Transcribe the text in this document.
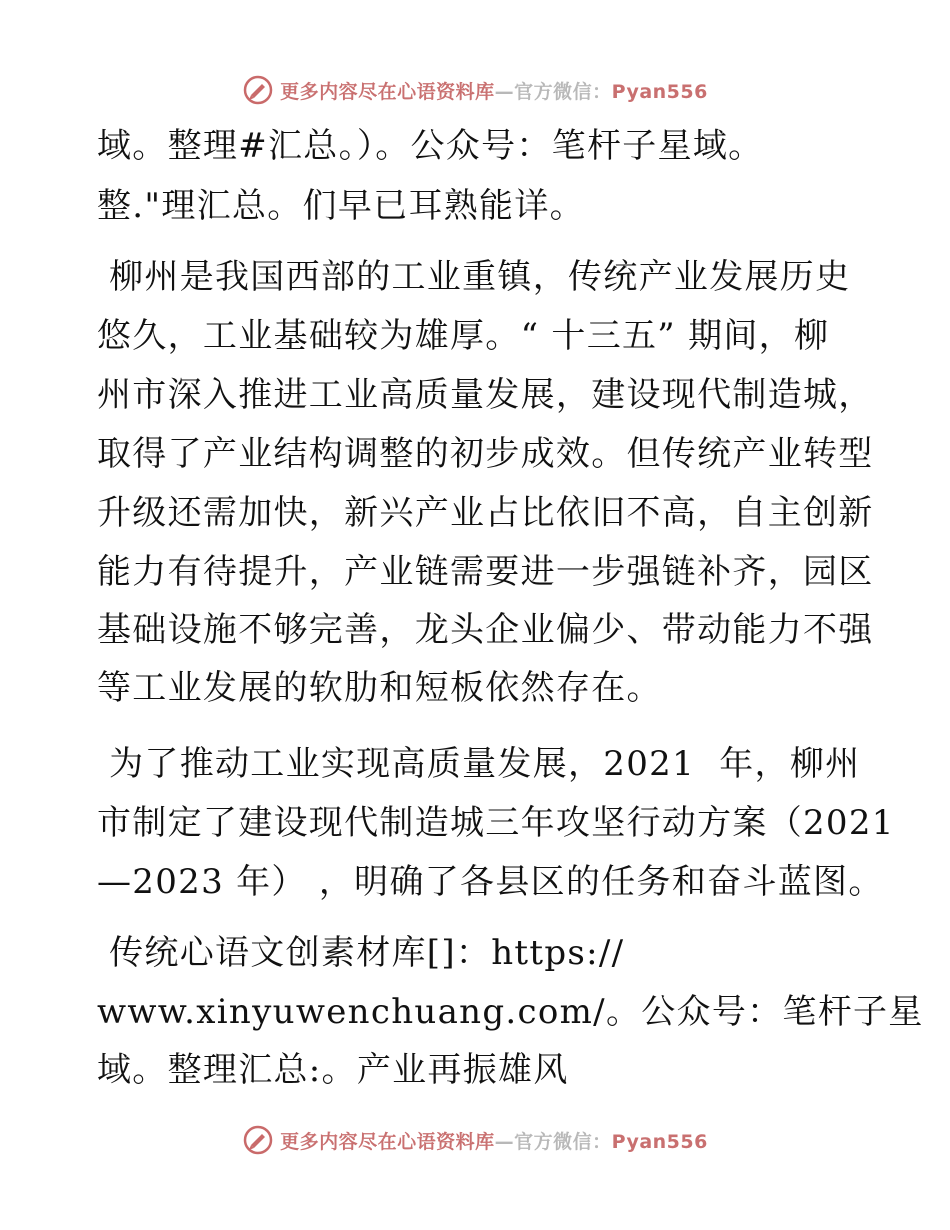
更多内容尽在心语资料库—官方微信：Pyan556
域。整理#汇总。）。公众号：笔杆子星域。
整."理汇总。们早已耳熟能详。
柳州是我国西部的工业重镇，传统产业发展历史
悠久，工业基础较为雄厚。“ 十三五” 期间，柳
州市深入推进工业高质量发展，建设现代制造城，
取得了产业结构调整的初步成效。但传统产业转型
升级还需加快，新兴产业占比依旧不高，自主创新
能力有待提升，产业链需要进一步强链补齐，园区
基础设施不够完善，龙头企业偏少、带动能力不强
等工业发展的软肋和短板依然存在。
为了推动工业实现高质量发展，2021  年，柳州
市制定了建设现代制造城三年攻坚行动方案（2021
—2023 年） ，明确了各县区的任务和奋斗蓝图。
传统心语文创素材库[]：https://
www.xinyuwenchuang.com/。公众号：笔杆子星
域。整理汇总:。产业再振雄风
更多内容尽在心语资料库—官方微信：Pyan556
